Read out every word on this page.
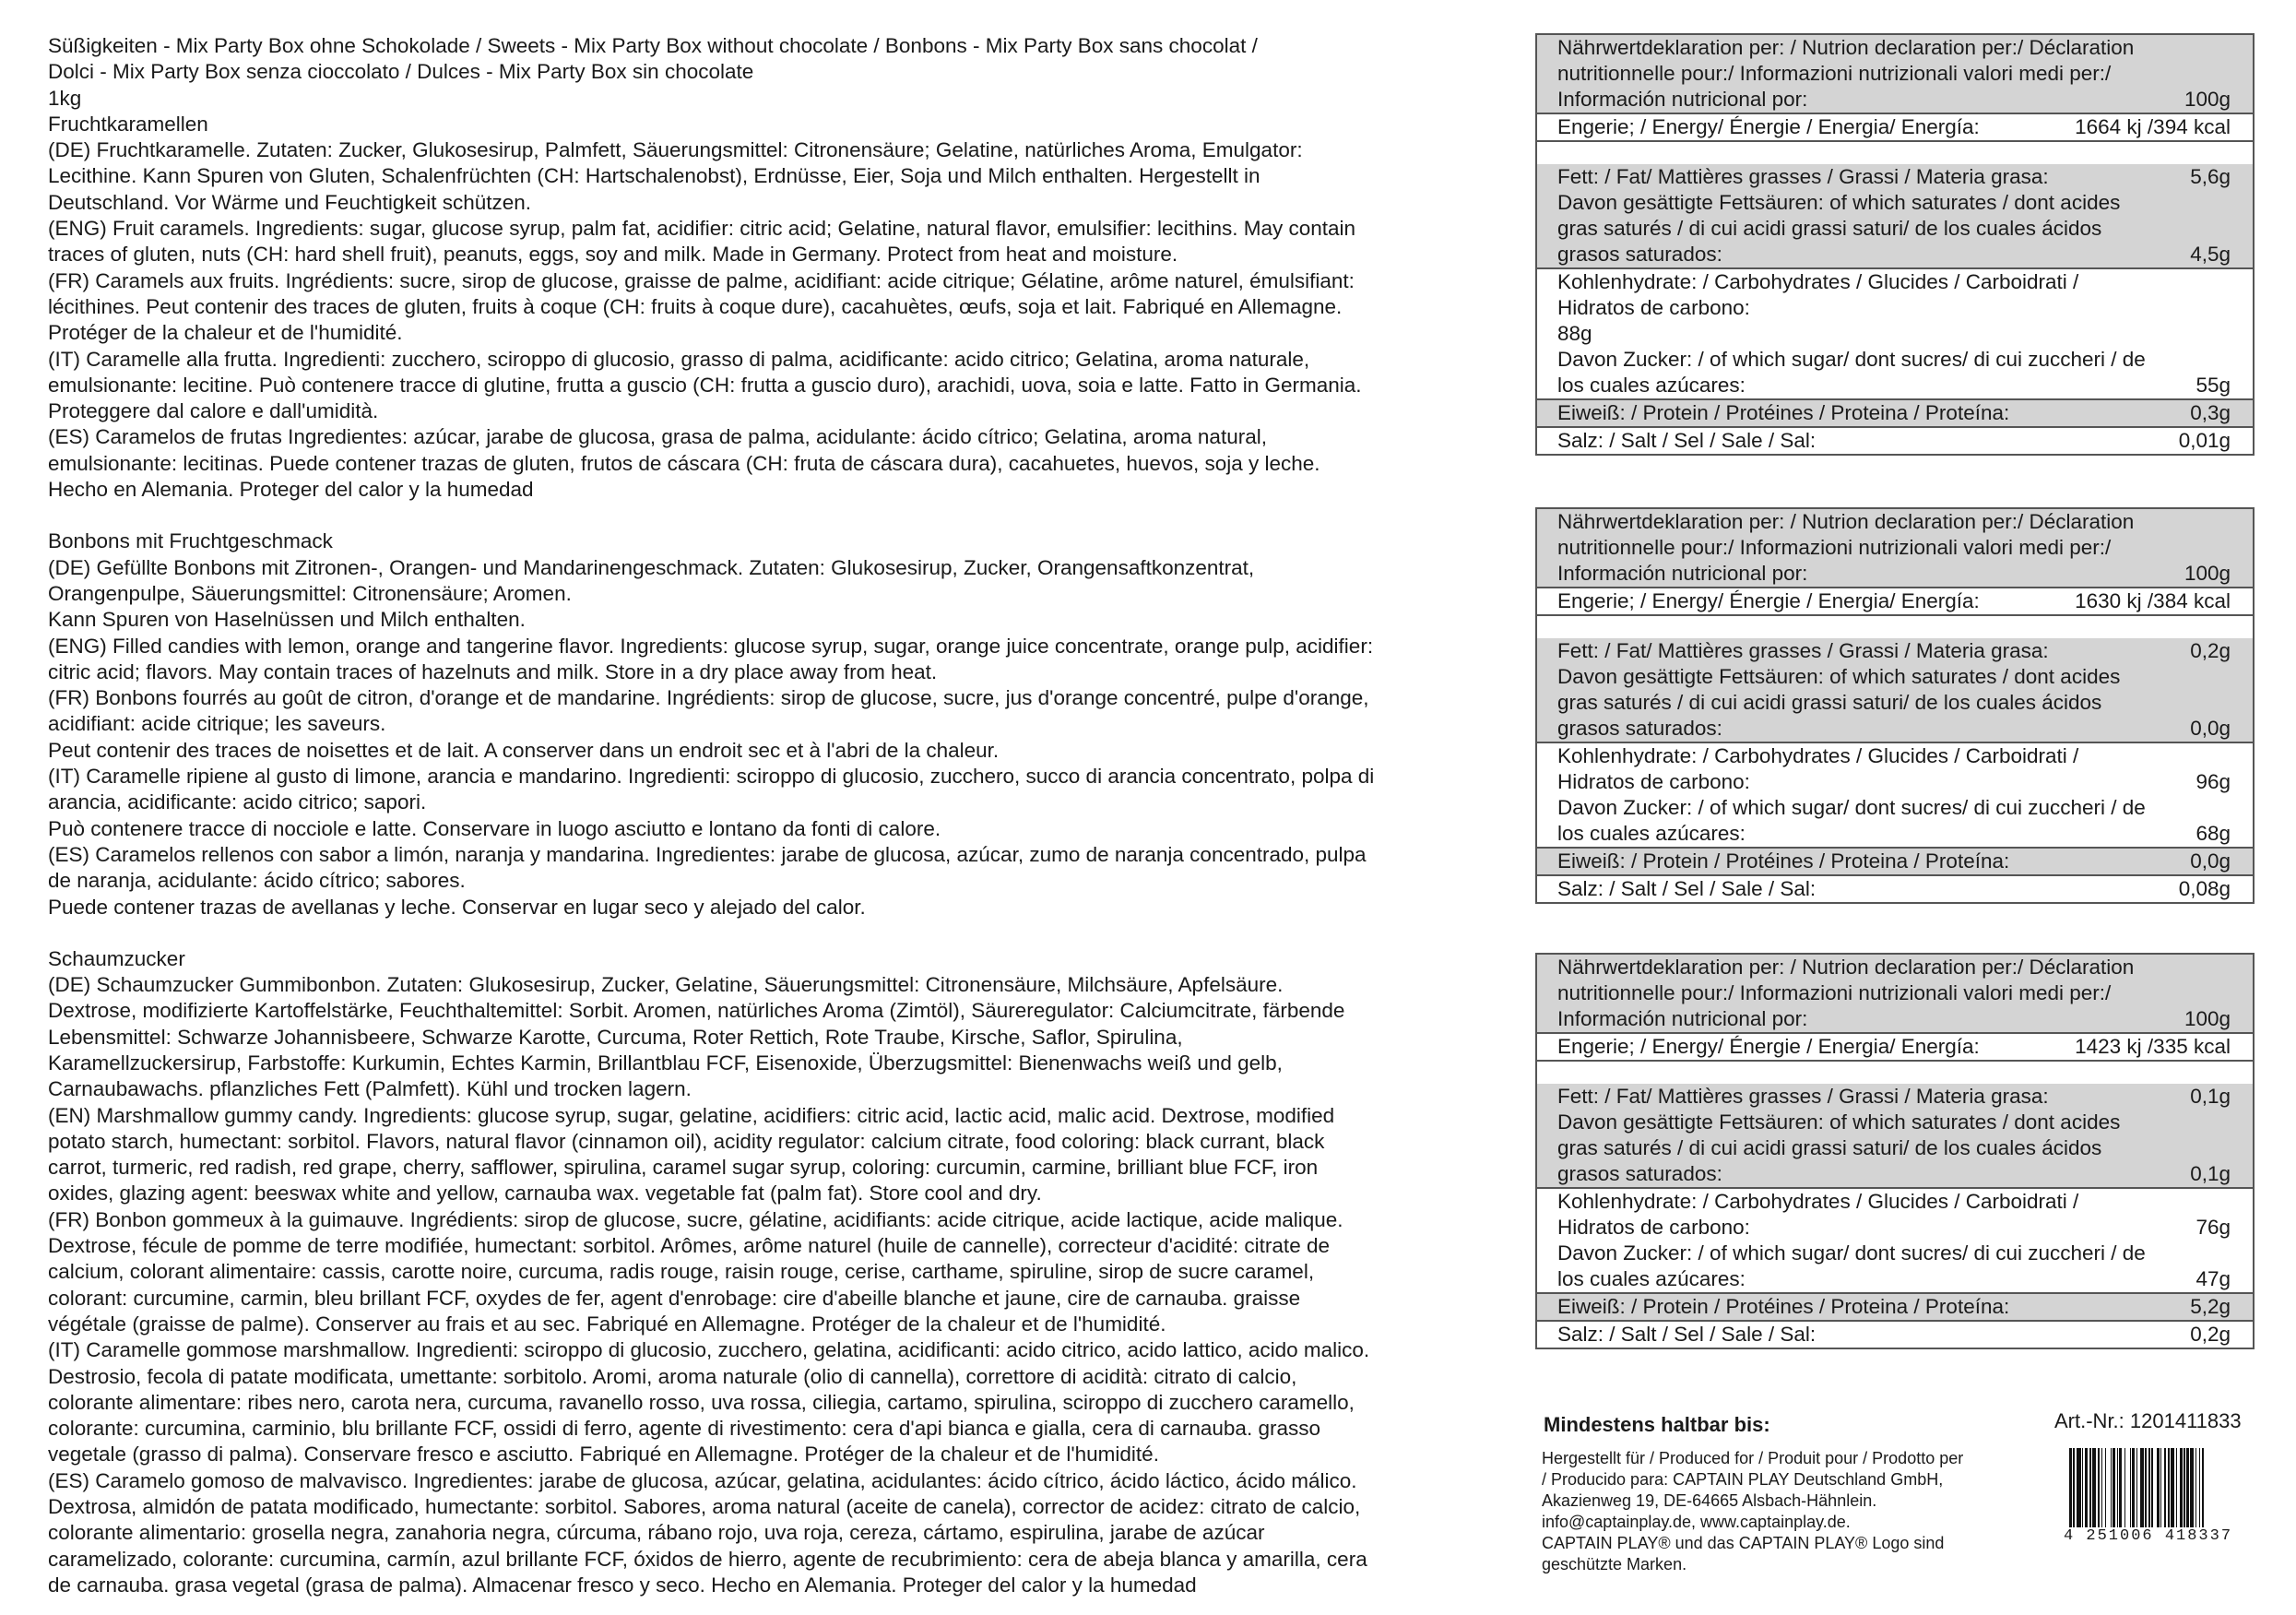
Süßigkeiten - Mix Party Box ohne Schokolade / Sweets - Mix Party Box without chocolate / Bonbons - Mix Party Box sans chocolat /

Dolci - Mix Party Box senza cioccolato / Dulces - Mix Party Box sin chocolate

1kg

Fruchtkaramellen

(DE) Fruchtkaramelle. Zutaten: Zucker, Glukosesirup, Palmfett, Säuerungsmittel: Citronensäure; Gelatine, natürliches Aroma, Emulgator:

Lecithine. Kann Spuren von Gluten, Schalenfrüchten (CH: Hartschalenobst), Erdnüsse, Eier, Soja und Milch enthalten. Hergestellt in

Deutschland. Vor Wärme und Feuchtigkeit schützen.

(ENG) Fruit caramels. Ingredients: sugar, glucose syrup, palm fat, acidifier: citric acid; Gelatine, natural flavor, emulsifier: lecithins. May contain

traces of gluten, nuts (CH: hard shell fruit), peanuts, eggs, soy and milk. Made in Germany. Protect from heat and moisture.

(FR) Caramels aux fruits. Ingrédients: sucre, sirop de glucose, graisse de palme, acidifiant: acide citrique; Gélatine, arôme naturel, émulsifiant:

lécithines. Peut contenir des traces de gluten, fruits à coque (CH: fruits à coque dure), cacahuètes, œufs, soja et lait. Fabriqué en Allemagne.

Protéger de la chaleur et de l'humidité.

(IT) Caramelle alla frutta. Ingredienti: zucchero, sciroppo di glucosio, grasso di palma, acidificante: acido citrico; Gelatina, aroma naturale,

emulsionante: lecitine. Può contenere tracce di glutine, frutta a guscio (CH: frutta a guscio duro), arachidi, uova, soia e latte. Fatto in Germania.

Proteggere dal calore e dall'umidità.

(ES) Caramelos de frutas Ingredientes: azúcar, jarabe de glucosa, grasa de palma, acidulante: ácido cítrico; Gelatina, aroma natural,

emulsionante: lecitinas. Puede contener trazas de gluten, frutos de cáscara (CH: fruta de cáscara dura), cacahuetes, huevos, soja y leche.

Hecho en Alemania. Proteger del calor y la humedad

Bonbons mit Fruchtgeschmack

(DE) Gefüllte Bonbons mit Zitronen-, Orangen- und Mandarinengeschmack. Zutaten: Glukosesirup, Zucker, Orangensaftkonzentrat,

Orangenpulpe, Säuerungsmittel: Citronensäure; Aromen.

Kann Spuren von Haselnüssen und Milch enthalten.

(ENG) Filled candies with lemon, orange and tangerine flavor. Ingredients: glucose syrup, sugar, orange juice concentrate, orange pulp, acidifier:

citric acid; flavors. May contain traces of hazelnuts and milk. Store in a dry place away from heat.

(FR) Bonbons fourrés au goût de citron, d'orange et de mandarine. Ingrédients: sirop de glucose, sucre, jus d'orange concentré, pulpe d'orange,

acidifiant: acide citrique; les saveurs.

Peut contenir des traces de noisettes et de lait. A conserver dans un endroit sec et à l'abri de la chaleur.

(IT) Caramelle ripiene al gusto di limone, arancia e mandarino. Ingredienti: sciroppo di glucosio, zucchero, succo di arancia concentrato, polpa di

arancia, acidificante: acido citrico; sapori.

Può contenere tracce di nocciole e latte. Conservare in luogo asciutto e lontano da fonti di calore.

(ES) Caramelos rellenos con sabor a limón, naranja y mandarina. Ingredientes: jarabe de glucosa, azúcar, zumo de naranja concentrado, pulpa

de naranja, acidulante: ácido cítrico; sabores.

Puede contener trazas de avellanas y leche. Conservar en lugar seco y alejado del calor.

Schaumzucker

(DE) Schaumzucker Gummibonbon. Zutaten: Glukosesirup, Zucker, Gelatine, Säuerungsmittel: Citronensäure, Milchsäure, Apfelsäure.

Dextrose, modifizierte Kartoffelstärke, Feuchthaltemittel: Sorbit. Aromen, natürliches Aroma (Zimtöl), Säureregulator: Calciumcitrate, färbende

Lebensmittel: Schwarze Johannisbeere, Schwarze Karotte, Curcuma, Roter Rettich, Rote Traube, Kirsche, Saflor, Spirulina,

Karamellzuckersirup, Farbstoffe: Kurkumin, Echtes Karmin, Brillantblau FCF, Eisenoxide, Überzugsmittel: Bienenwachs weiß und gelb,

Carnaubawachs. pflanzliches Fett (Palmfett). Kühl und trocken lagern.

(EN) Marshmallow gummy candy. Ingredients: glucose syrup, sugar, gelatine, acidifiers: citric acid, lactic acid, malic acid. Dextrose, modified

potato starch, humectant: sorbitol. Flavors, natural flavor (cinnamon oil), acidity regulator: calcium citrate, food coloring: black currant, black

carrot, turmeric, red radish, red grape, cherry, safflower, spirulina, caramel sugar syrup, coloring: curcumin, carmine, brilliant blue FCF, iron

oxides, glazing agent: beeswax white and yellow, carnauba wax. vegetable fat (palm fat). Store cool and dry.

(FR) Bonbon gommeux à la guimauve. Ingrédients: sirop de glucose, sucre, gélatine, acidifiants: acide citrique, acide lactique, acide malique.

Dextrose, fécule de pomme de terre modifiée, humectant: sorbitol. Arômes, arôme naturel (huile de cannelle), correcteur d'acidité: citrate de

calcium, colorant alimentaire: cassis, carotte noire, curcuma, radis rouge, raisin rouge, cerise, carthame, spiruline, sirop de sucre caramel,

colorant: curcumine, carmin, bleu brillant FCF, oxydes de fer, agent d'enrobage: cire d'abeille blanche et jaune, cire de carnauba. graisse

végétale (graisse de palme). Conserver au frais et au sec. Fabriqué en Allemagne. Protéger de la chaleur et de l'humidité.

(IT) Caramelle gommose marshmallow. Ingredienti: sciroppo di glucosio, zucchero, gelatina, acidificanti: acido citrico, acido lattico, acido malico.

Destrosio, fecola di patate modificata, umettante: sorbitolo. Aromi, aroma naturale (olio di cannella), correttore di acidità: citrato di calcio,

colorante alimentare: ribes nero, carota nera, curcuma, ravanello rosso, uva rossa, ciliegia, cartamo, spirulina, sciroppo di zucchero caramello,

colorante: curcumina, carminio, blu brillante FCF, ossidi di ferro, agente di rivestimento: cera d'api bianca e gialla, cera di carnauba. grasso

vegetale (grasso di palma). Conservare fresco e asciutto. Fabriqué en Allemagne. Protéger de la chaleur et de l'humidité.

(ES) Caramelo gomoso de malvavisco. Ingredientes: jarabe de glucosa, azúcar, gelatina, acidulantes: ácido cítrico, ácido láctico, ácido málico.

Dextrosa, almidón de patata modificado, humectante: sorbitol. Sabores, aroma natural (aceite de canela), corrector de acidez: citrato de calcio,

colorante alimentario: grosella negra, zanahoria negra, cúrcuma, rábano rojo, uva roja, cereza, cártamo, espirulina, jarabe de azúcar

caramelizado, colorante: curcumina, carmín, azul brillante FCF, óxidos de hierro, agente de recubrimiento: cera de abeja blanca y amarilla, cera

de carnauba. grasa vegetal (grasa de palma). Almacenar fresco y seco. Hecho en Alemania. Proteger del calor y la humedad

Nährwertdeklaration per: / Nutrion declaration per:/ Déclaration
nutritionnelle pour:/ Informazioni nutrizionali valori medi per:/
Información nutricional por:	100g
Engerie; / Energy/ Énergie / Energia/ Energía:	1664 kj /394 kcal
Fett: / Fat/ Mattières grasses / Grassi / Materia grasa:	5,6g
Davon gesättigte Fettsäuren: of which saturates / dont acides
gras saturés / di cui acidi grassi saturi/ de los cuales ácidos
grasos saturados:	4,5g
Kohlenhydrate: / Carbohydrates / Glucides / Carboidrati /
Hidratos de carbono:
88g
Davon Zucker: / of which sugar/ dont sucres/ di cui zuccheri / de
los cuales azúcares:	55g
Eiweiß: / Protein / Protéines / Proteina / Proteína:	0,3g
Salz: / Salt / Sel / Sale / Sal:	0,01g
Nährwertdeklaration per: / Nutrion declaration per:/ Déclaration
nutritionnelle pour:/ Informazioni nutrizionali valori medi per:/
Información nutricional por:	100g
Engerie; / Energy/ Énergie / Energia/ Energía:	1630 kj /384 kcal
Fett: / Fat/ Mattières grasses / Grassi / Materia grasa:	0,2g
Davon gesättigte Fettsäuren: of which saturates / dont acides
gras saturés / di cui acidi grassi saturi/ de los cuales ácidos
grasos saturados:	0,0g
Kohlenhydrate: / Carbohydrates / Glucides / Carboidrati /
Hidratos de carbono:	96g
Davon Zucker: / of which sugar/ dont sucres/ di cui zuccheri / de
los cuales azúcares:	68g
Eiweiß: / Protein / Protéines / Proteina / Proteína:	0,0g
Salz: / Salt / Sel / Sale / Sal:	0,08g
Nährwertdeklaration per: / Nutrion declaration per:/ Déclaration
nutritionnelle pour:/ Informazioni nutrizionali valori medi per:/
Información nutricional por:	100g
Engerie; / Energy/ Énergie / Energia/ Energía:	1423 kj /335 kcal
Fett: / Fat/ Mattières grasses / Grassi / Materia grasa:	0,1g
Davon gesättigte Fettsäuren: of which saturates / dont acides
gras saturés / di cui acidi grassi saturi/ de los cuales ácidos
grasos saturados:	0,1g
Kohlenhydrate: / Carbohydrates / Glucides / Carboidrati /
Hidratos de carbono:	76g
Davon Zucker: / of which sugar/ dont sucres/ di cui zuccheri / de
los cuales azúcares:	47g
Eiweiß: / Protein / Protéines / Proteina / Proteína:	5,2g
Salz: / Salt / Sel / Sale / Sal:	0,2g
Mindestens haltbar bis:	Art.-Nr.: 1201411833
Hergestellt für / Produced for / Produit pour / Prodotto per
/ Producido para: CAPTAIN PLAY Deutschland GmbH,
Akazienweg 19, DE-64665 Alsbach-Hähnlein.
info@captainplay.de, www.captainplay.de.
CAPTAIN PLAY® und das CAPTAIN PLAY® Logo sind
geschützte Marken.
4 251006 418337
